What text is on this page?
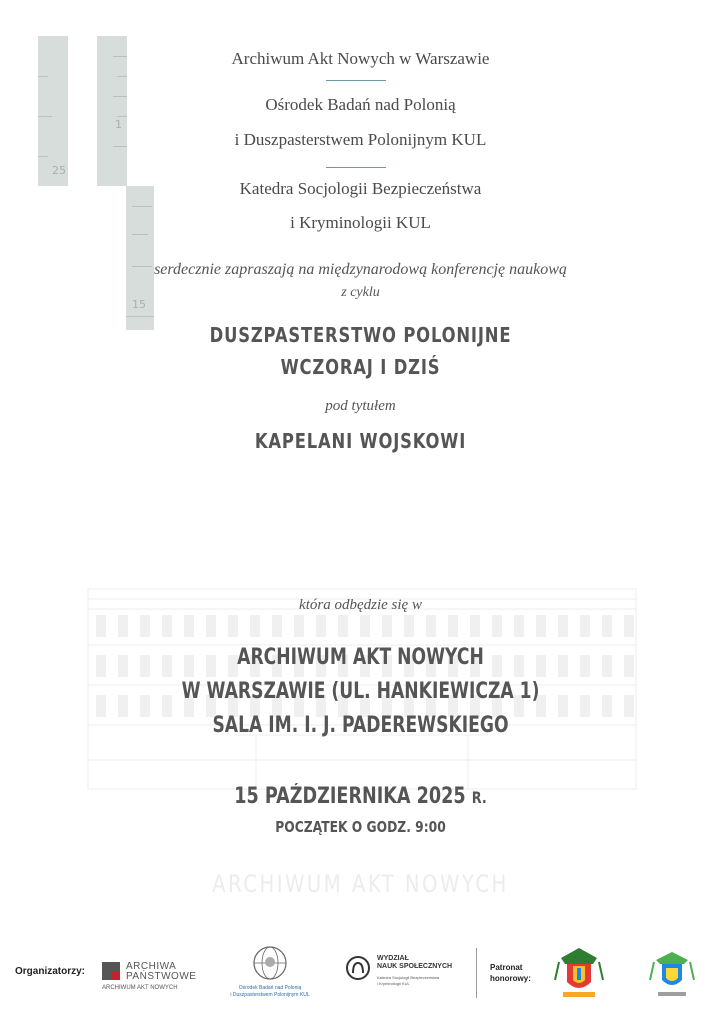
25
1
15
Archiwum Akt Nowych w Warszawie
Ośrodek Badań nad Polonią
i Duszpasterstwem Polonijnym KUL
Katedra Socjologii Bezpieczeństwa
i Kryminologii KUL
serdecznie zapraszają na międzynarodową konferencję naukową
z cyklu
DUSZPASTERSTWO POLONIJNE
WCZORAJ I DZIŚ
pod tytułem
KAPELANI WOJSKOWI
która odbędzie się w
ARCHIWUM AKT NOWYCH
W WARSZAWIE (UL. HANKIEWICZA 1)
SALA IM. I. J. PADEREWSKIEGO
15 PAŹDZIERNIKA 2025 R.
POCZĄTEK O GODZ. 9:00
ARCHIWUM AKT NOWYCH
Organizatorzy:	ARCHIWA
PAŃSTWOWE
ARCHIWUM AKT NOWYCH	Ośrodek Badań nad Polonią
i Duszpasterstwem Polonijnym KUL
WYDZIAŁ
NAUK SPOŁECZNYCH
Katedra Socjologii Bezpieczeństwa
i Kryminologii KUL
Patronat
honorowy:
